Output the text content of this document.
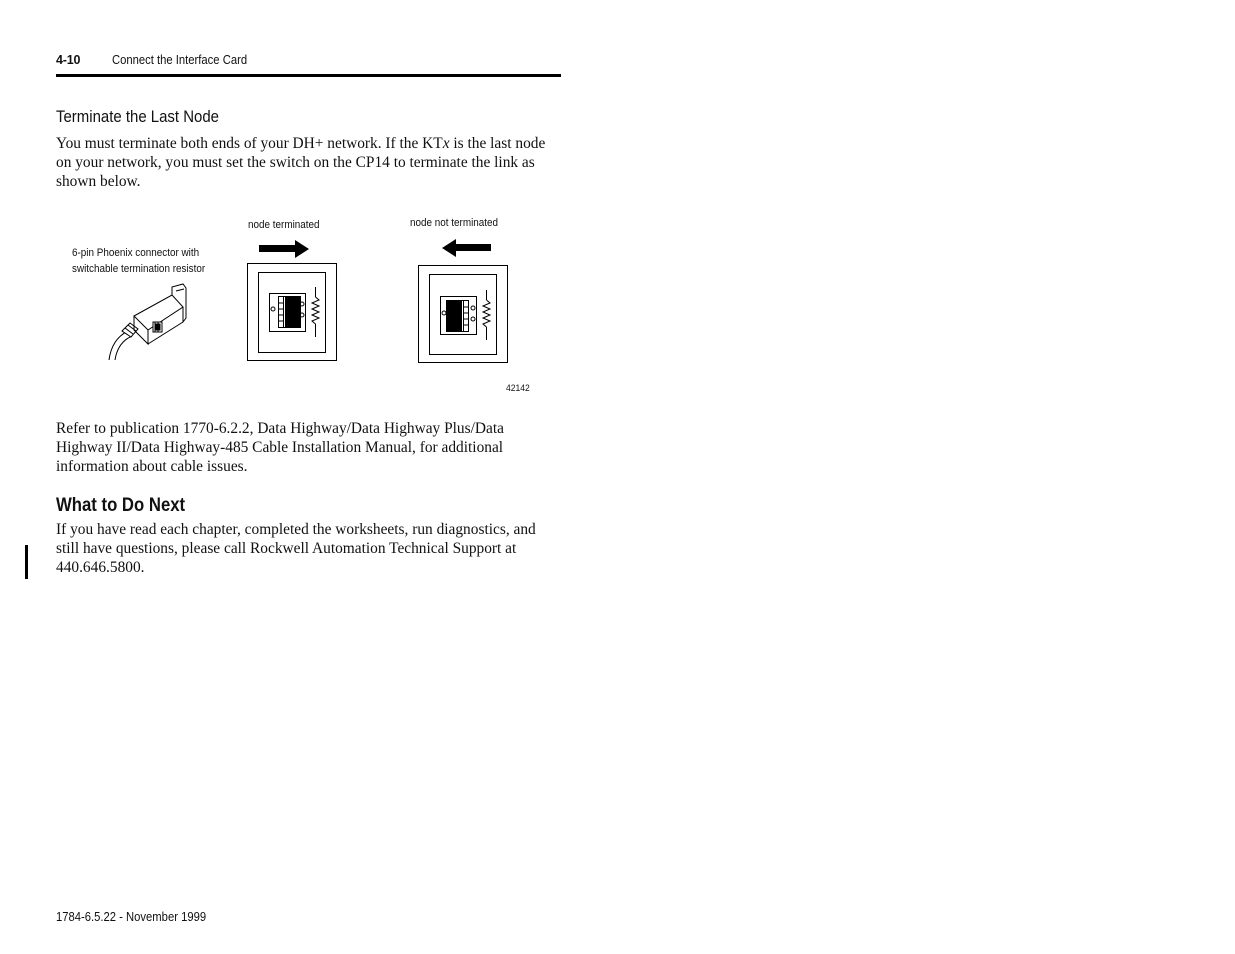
4-10	Connect the Interface Card
Terminate the Last Node
You must terminate both ends of your DH+ network. If the KTx is the last node on your network, you must set the switch on the CP14 to terminate the link as shown below.
6-pin Phoenix connector with
switchable termination resistor
node terminated	node not terminated
42142
Refer to publication 1770-6.2.2, Data Highway/Data Highway Plus/Data Highway II/Data Highway-485 Cable Installation Manual, for additional information about cable issues.
What to Do Next
If you have read each chapter, completed the worksheets, run diagnostics, and still have questions, please call Rockwell Automation Technical Support at 440.646.5800.
1784-6.5.22 - November 1999
